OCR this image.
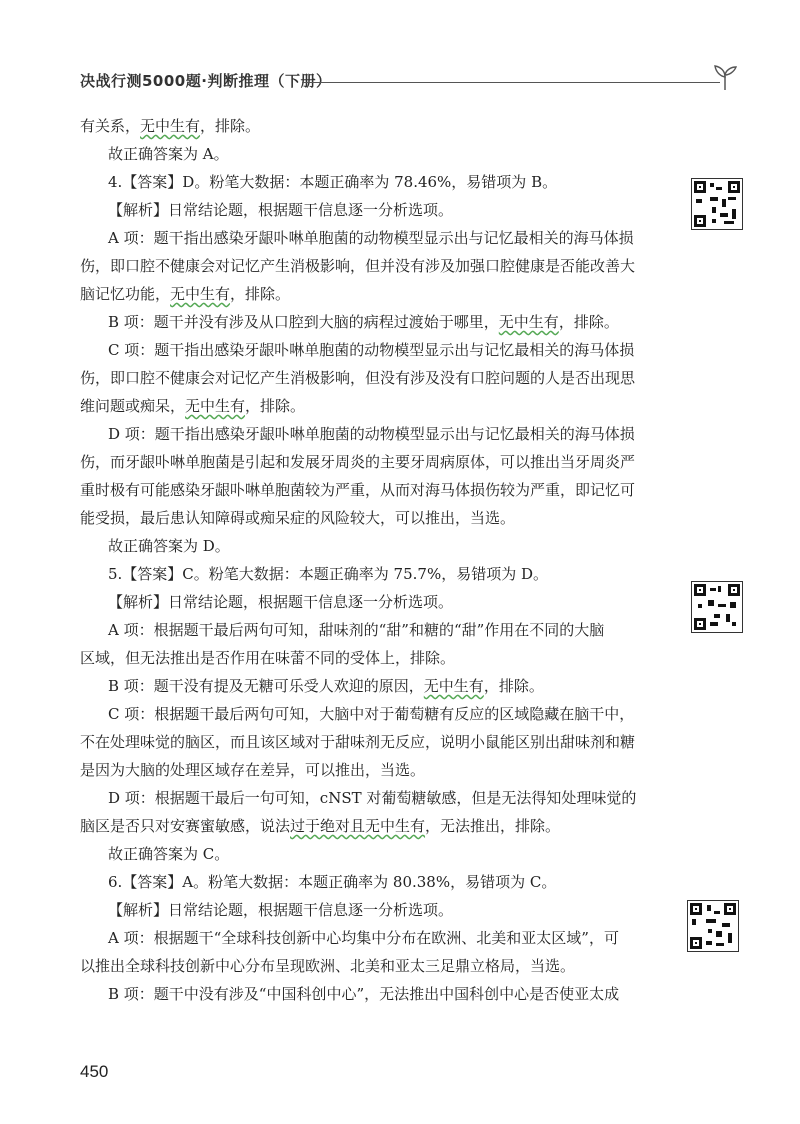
决战行测5000题·判断推理（下册）

有关系，无中生有，排除。

故正确答案为 A。

4.【答案】D。粉笔大数据：本题正确率为 78.46%，易错项为 B。

【解析】日常结论题，根据题干信息逐一分析选项。

A 项：题干指出感染牙龈卟啉单胞菌的动物模型显示出与记忆最相关的海马体损

伤，即口腔不健康会对记忆产生消极影响，但并没有涉及加强口腔健康是否能改善大

脑记忆功能，无中生有，排除。

B 项：题干并没有涉及从口腔到大脑的病程过渡始于哪里，无中生有，排除。

C 项：题干指出感染牙龈卟啉单胞菌的动物模型显示出与记忆最相关的海马体损

伤，即口腔不健康会对记忆产生消极影响，但没有涉及没有口腔问题的人是否出现思

维问题或痴呆，无中生有，排除。

D 项：题干指出感染牙龈卟啉单胞菌的动物模型显示出与记忆最相关的海马体损

伤，而牙龈卟啉单胞菌是引起和发展牙周炎的主要牙周病原体，可以推出当牙周炎严

重时极有可能感染牙龈卟啉单胞菌较为严重，从而对海马体损伤较为严重，即记忆可

能受损，最后患认知障碍或痴呆症的风险较大，可以推出，当选。

故正确答案为 D。

5.【答案】C。粉笔大数据：本题正确率为 75.7%，易错项为 D。

【解析】日常结论题，根据题干信息逐一分析选项。

A 项：根据题干最后两句可知，甜味剂的“甜”和糖的“甜”作用在不同的大脑

区域，但无法推出是否作用在味蕾不同的受体上，排除。

B 项：题干没有提及无糖可乐受人欢迎的原因，无中生有，排除。

C 项：根据题干最后两句可知，大脑中对于葡萄糖有反应的区域隐藏在脑干中，

不在处理味觉的脑区，而且该区域对于甜味剂无反应，说明小鼠能区别出甜味剂和糖

是因为大脑的处理区域存在差异，可以推出，当选。

D 项：根据题干最后一句可知，cNST 对葡萄糖敏感，但是无法得知处理味觉的

脑区是否只对安赛蜜敏感，说法过于绝对且无中生有，无法推出，排除。

故正确答案为 C。

6.【答案】A。粉笔大数据：本题正确率为 80.38%，易错项为 C。

【解析】日常结论题，根据题干信息逐一分析选项。

A 项：根据题干“全球科技创新中心均集中分布在欧洲、北美和亚太区域”，可

以推出全球科技创新中心分布呈现欧洲、北美和亚太三足鼎立格局，当选。

B 项：题干中没有涉及“中国科创中心”，无法推出中国科创中心是否使亚太成

450
